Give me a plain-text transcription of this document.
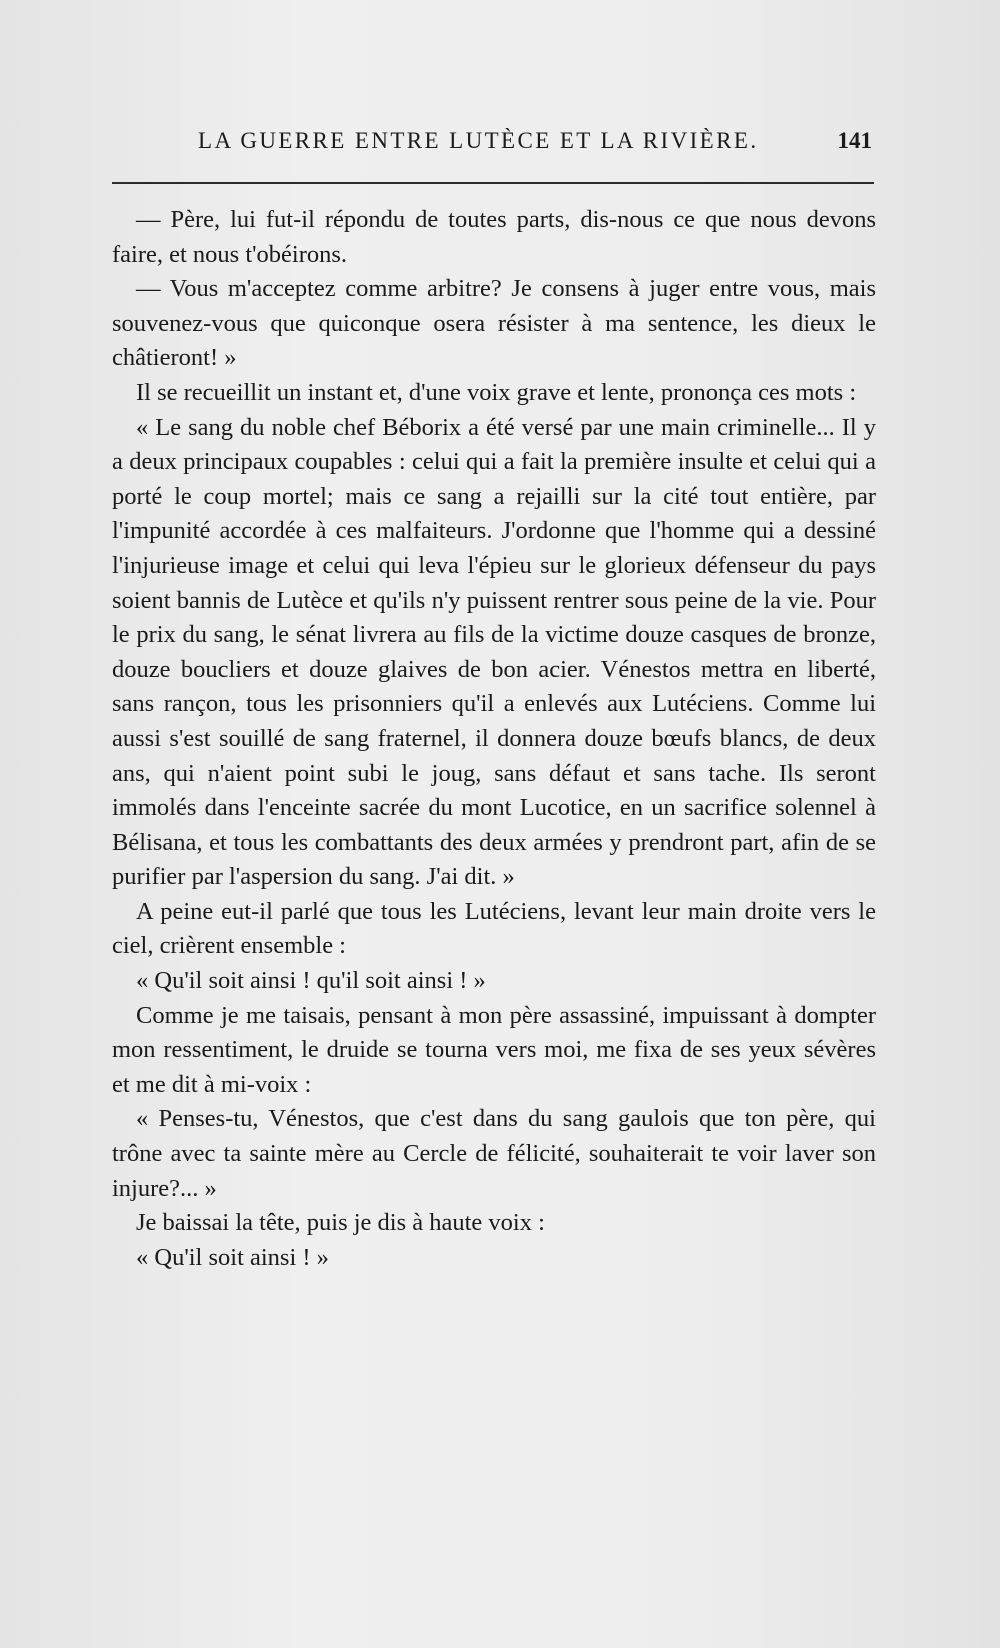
LA GUERRE ENTRE LUTÈCE ET LA RIVIÈRE.	141

— Père, lui fut-il répondu de toutes parts, dis-nous ce que nous devons faire, et nous t'obéirons.

— Vous m'acceptez comme arbitre? Je consens à juger entre vous, mais souvenez-vous que quiconque osera résister à ma sentence, les dieux le châtieront! »

Il se recueillit un instant et, d'une voix grave et lente, prononça ces mots :

« Le sang du noble chef Béborix a été versé par une main criminelle... Il y a deux principaux coupables : celui qui a fait la première insulte et celui qui a porté le coup mortel; mais ce sang a rejailli sur la cité tout entière, par l'impunité accordée à ces malfaiteurs. J'ordonne que l'homme qui a dessiné l'injurieuse image et celui qui leva l'épieu sur le glorieux défenseur du pays soient bannis de Lutèce et qu'ils n'y puissent rentrer sous peine de la vie. Pour le prix du sang, le sénat livrera au fils de la victime douze casques de bronze, douze boucliers et douze glaives de bon acier. Vénestos mettra en liberté, sans rançon, tous les prisonniers qu'il a enlevés aux Lutéciens. Comme lui aussi s'est souillé de sang fraternel, il donnera douze bœufs blancs, de deux ans, qui n'aient point subi le joug, sans défaut et sans tache. Ils seront immolés dans l'enceinte sacrée du mont Lucotice, en un sacrifice solennel à Bélisana, et tous les combattants des deux armées y prendront part, afin de se purifier par l'aspersion du sang. J'ai dit. »

A peine eut-il parlé que tous les Lutéciens, levant leur main droite vers le ciel, crièrent ensemble :

« Qu'il soit ainsi ! qu'il soit ainsi ! »

Comme je me taisais, pensant à mon père assassiné, impuissant à dompter mon ressentiment, le druide se tourna vers moi, me fixa de ses yeux sévères et me dit à mi-voix :

« Penses-tu, Vénestos, que c'est dans du sang gaulois que ton père, qui trône avec ta sainte mère au Cercle de félicité, souhaiterait te voir laver son injure?... »

Je baissai la tête, puis je dis à haute voix :

« Qu'il soit ainsi ! »
